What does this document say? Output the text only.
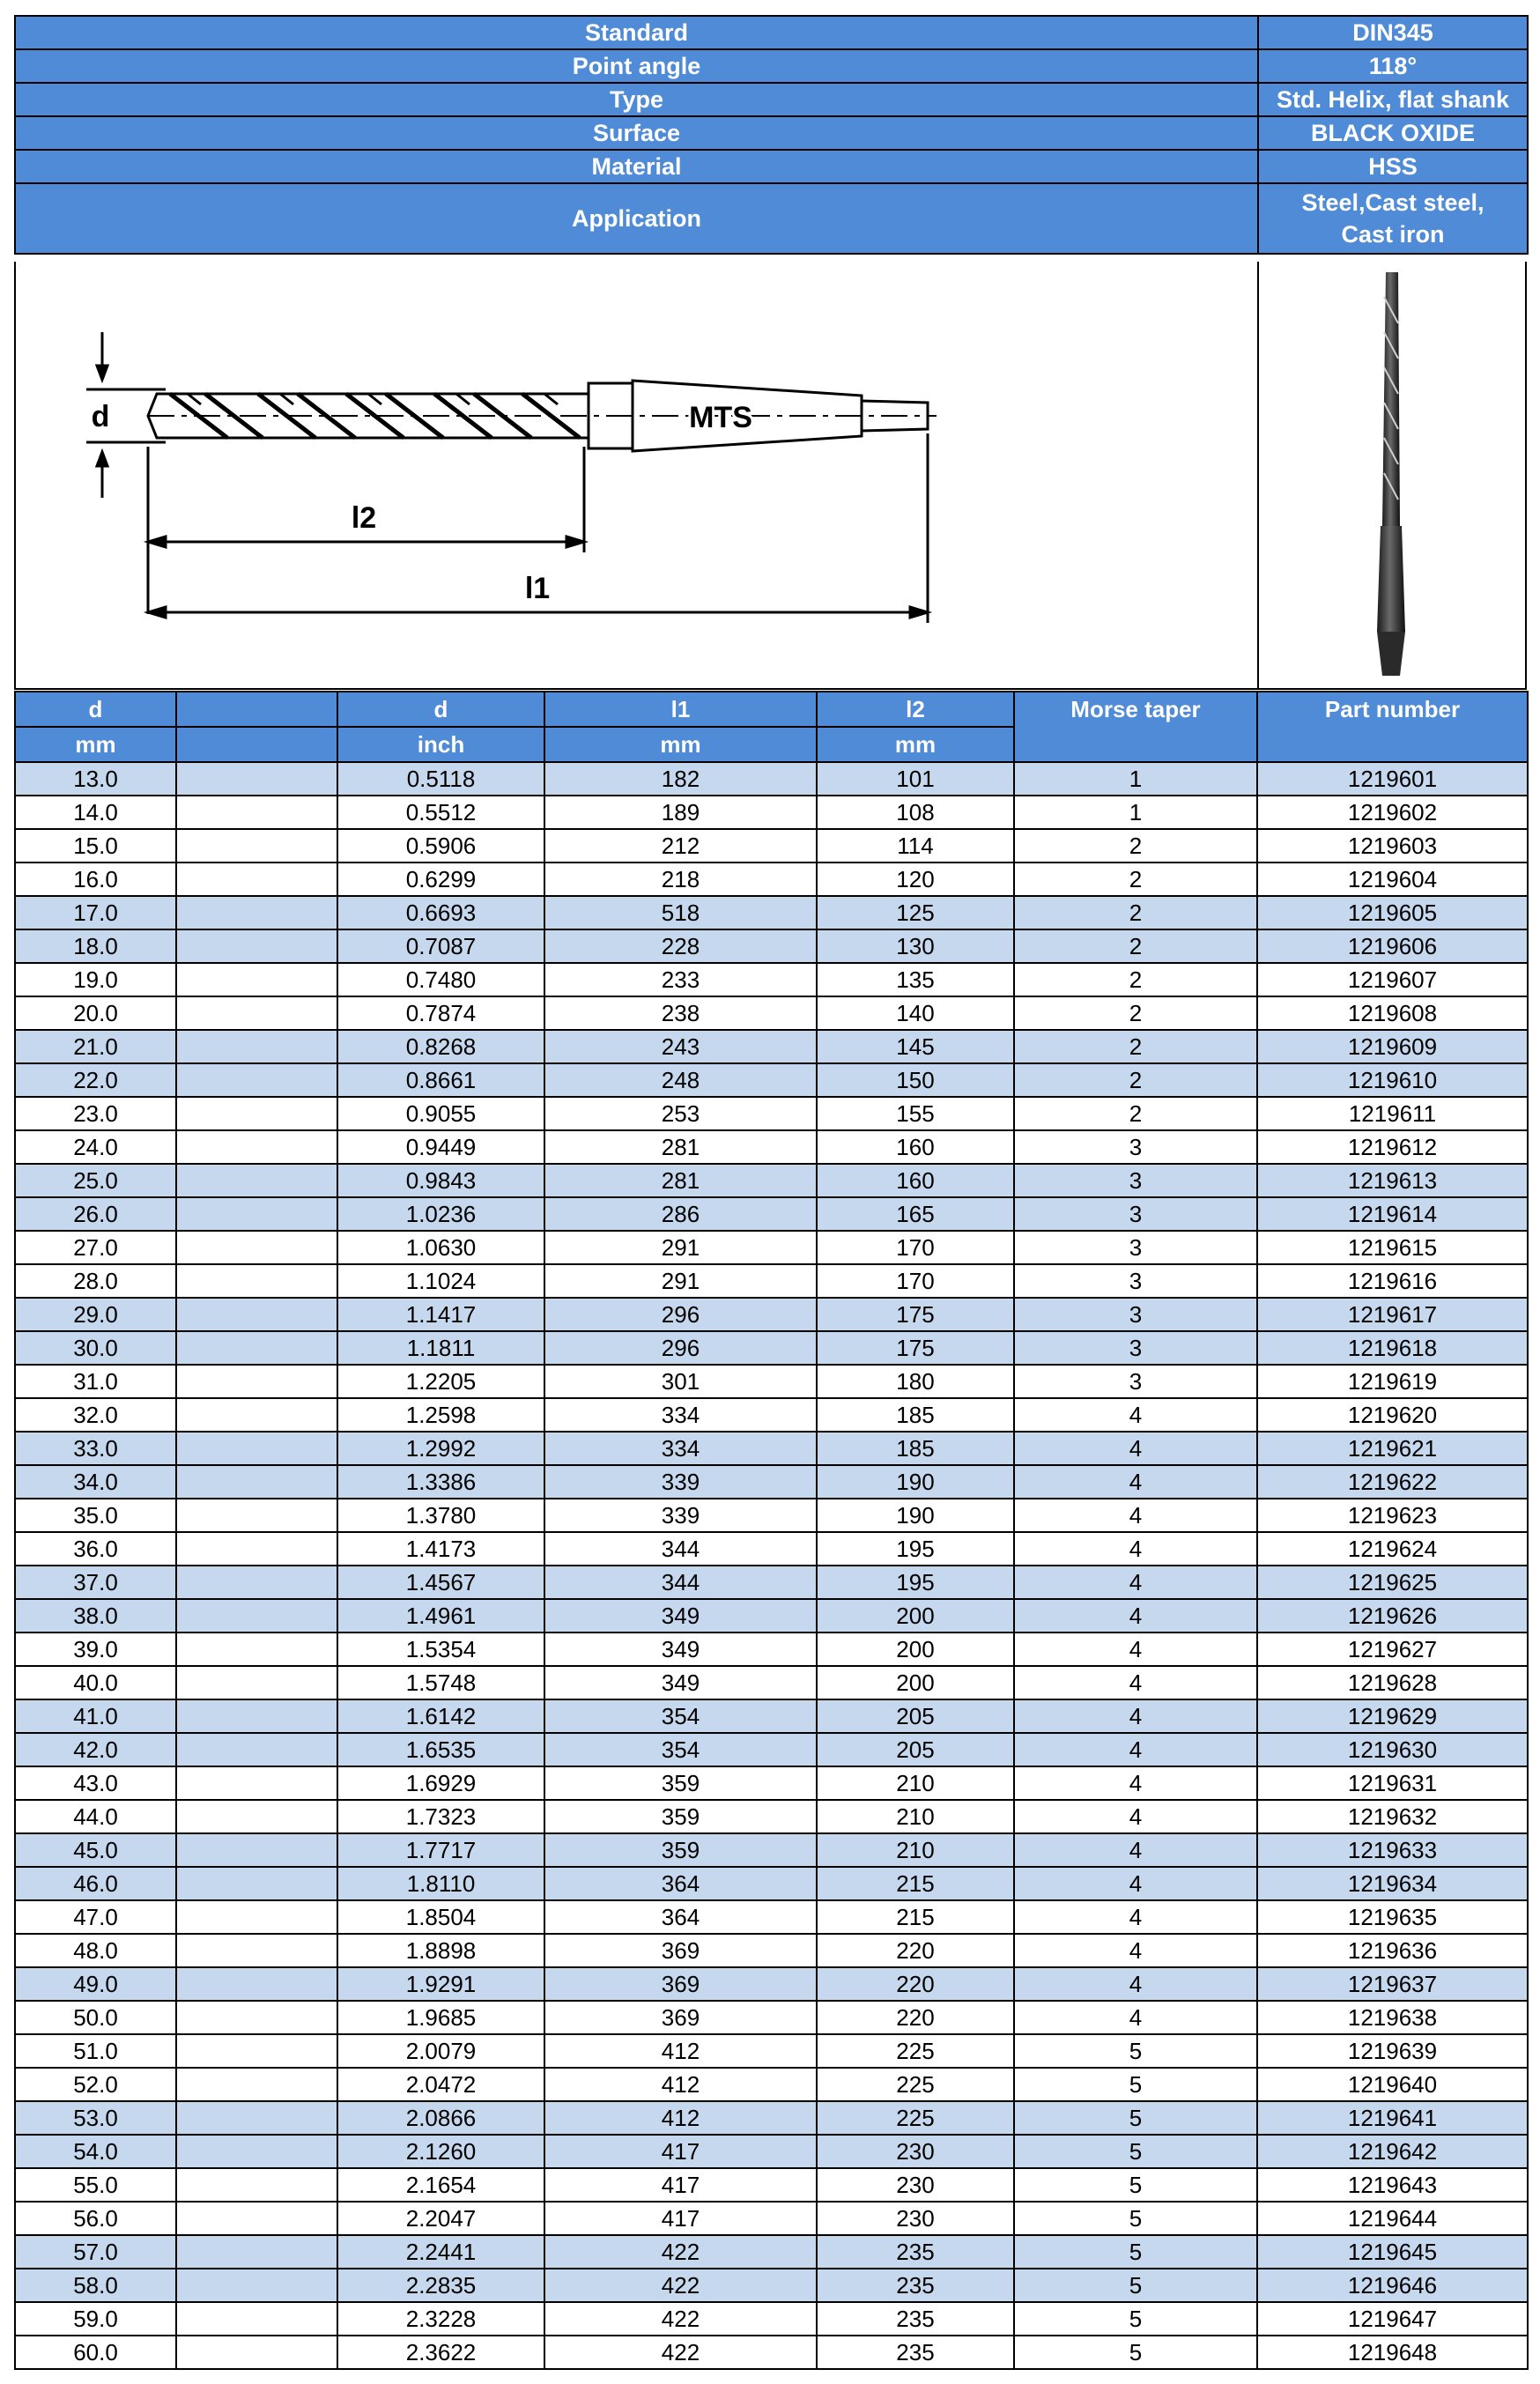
Standard	DIN345
Point angle	118°
Type	Std. Helix, flat shank
Surface	BLACK OXIDE
Material	HSS
Application	Steel,Cast steel,
Cast iron
d
l2
l1
MTS
d		d	l1	l2	Morse taper	Part number
mm		inch	mm	mm		
13.0		0.5118	182	101	1	1219601
14.0		0.5512	189	108	1	1219602
15.0		0.5906	212	114	2	1219603
16.0		0.6299	218	120	2	1219604
17.0		0.6693	518	125	2	1219605
18.0		0.7087	228	130	2	1219606
19.0		0.7480	233	135	2	1219607
20.0		0.7874	238	140	2	1219608
21.0		0.8268	243	145	2	1219609
22.0		0.8661	248	150	2	1219610
23.0		0.9055	253	155	2	1219611
24.0		0.9449	281	160	3	1219612
25.0		0.9843	281	160	3	1219613
26.0		1.0236	286	165	3	1219614
27.0		1.0630	291	170	3	1219615
28.0		1.1024	291	170	3	1219616
29.0		1.1417	296	175	3	1219617
30.0		1.1811	296	175	3	1219618
31.0		1.2205	301	180	3	1219619
32.0		1.2598	334	185	4	1219620
33.0		1.2992	334	185	4	1219621
34.0		1.3386	339	190	4	1219622
35.0		1.3780	339	190	4	1219623
36.0		1.4173	344	195	4	1219624
37.0		1.4567	344	195	4	1219625
38.0		1.4961	349	200	4	1219626
39.0		1.5354	349	200	4	1219627
40.0		1.5748	349	200	4	1219628
41.0		1.6142	354	205	4	1219629
42.0		1.6535	354	205	4	1219630
43.0		1.6929	359	210	4	1219631
44.0		1.7323	359	210	4	1219632
45.0		1.7717	359	210	4	1219633
46.0		1.8110	364	215	4	1219634
47.0		1.8504	364	215	4	1219635
48.0		1.8898	369	220	4	1219636
49.0		1.9291	369	220	4	1219637
50.0		1.9685	369	220	4	1219638
51.0		2.0079	412	225	5	1219639
52.0		2.0472	412	225	5	1219640
53.0		2.0866	412	225	5	1219641
54.0		2.1260	417	230	5	1219642
55.0		2.1654	417	230	5	1219643
56.0		2.2047	417	230	5	1219644
57.0		2.2441	422	235	5	1219645
58.0		2.2835	422	235	5	1219646
59.0		2.3228	422	235	5	1219647
60.0		2.3622	422	235	5	1219648
